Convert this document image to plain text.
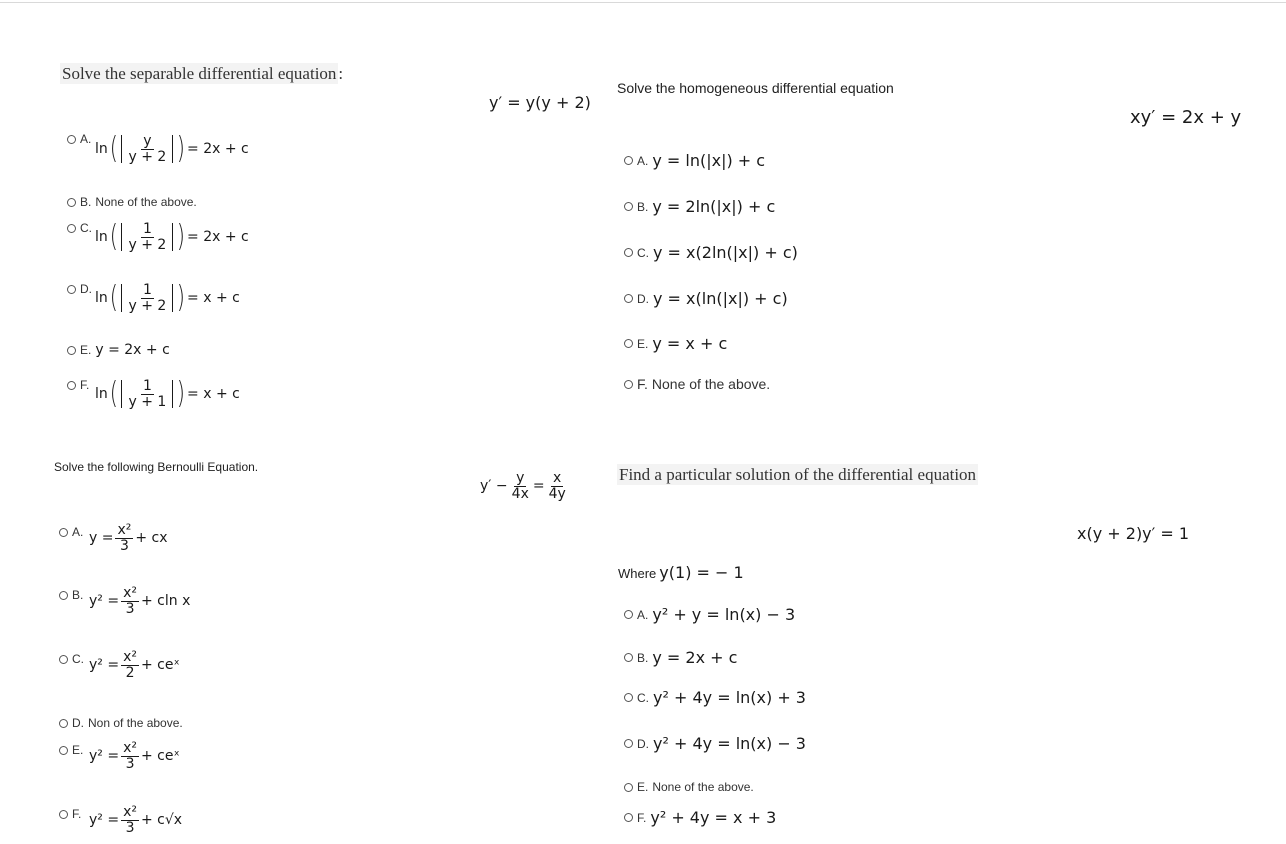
Solve the separable differential equation :
y′ = y(y + 2)
A.
ln ( $\frac{y}{y + 2}$ ) = 2x + c
B. None of the above.
C.
ln ( $\frac{1}{y + 2}$ ) = 2x + c
D.
ln ( $\frac{1}{y + 2}$ ) = x + c
E. y = 2x + c
F.
ln ( $\frac{1}{y + 1}$ ) = x + c
Solve the homogeneous differential equation
xy′ = 2x + y
A. y = ln(|x|) + c
B. y = 2ln(|x|) + c
C. y = x(2ln(|x|) + c)
D. y = x(ln(|x|) + c)
E. y = x + c
F. None of the above.
Solve the following Bernoulli Equation.
$y' - \frac{y}{4x} = \frac{x}{4y}$
A. $y = \frac{\text{x²}}{3}$ + cx
B. $y^2 = \frac{\text{x²}}{3} + cln$ x
C. $y^2 = \frac{\text{x²}}{2}$ + ceˣ
D. Non of the above.
E. $y^2 = \frac{\text{x²}}{3}$ + ceˣ
F. $y^2 = \frac{\text{x²}}{3} + c√x$
Find a particular solution of the differential equation
x(y + 2)y′ = 1
Where y(1) = − 1
A. y² + y = ln(x) − 3
B. y = 2x + c
C. y² + 4y = ln(x) + 3
D. y² + 4y = ln(x) − 3
E. None of the above.
F. y² + 4y = x + 3
